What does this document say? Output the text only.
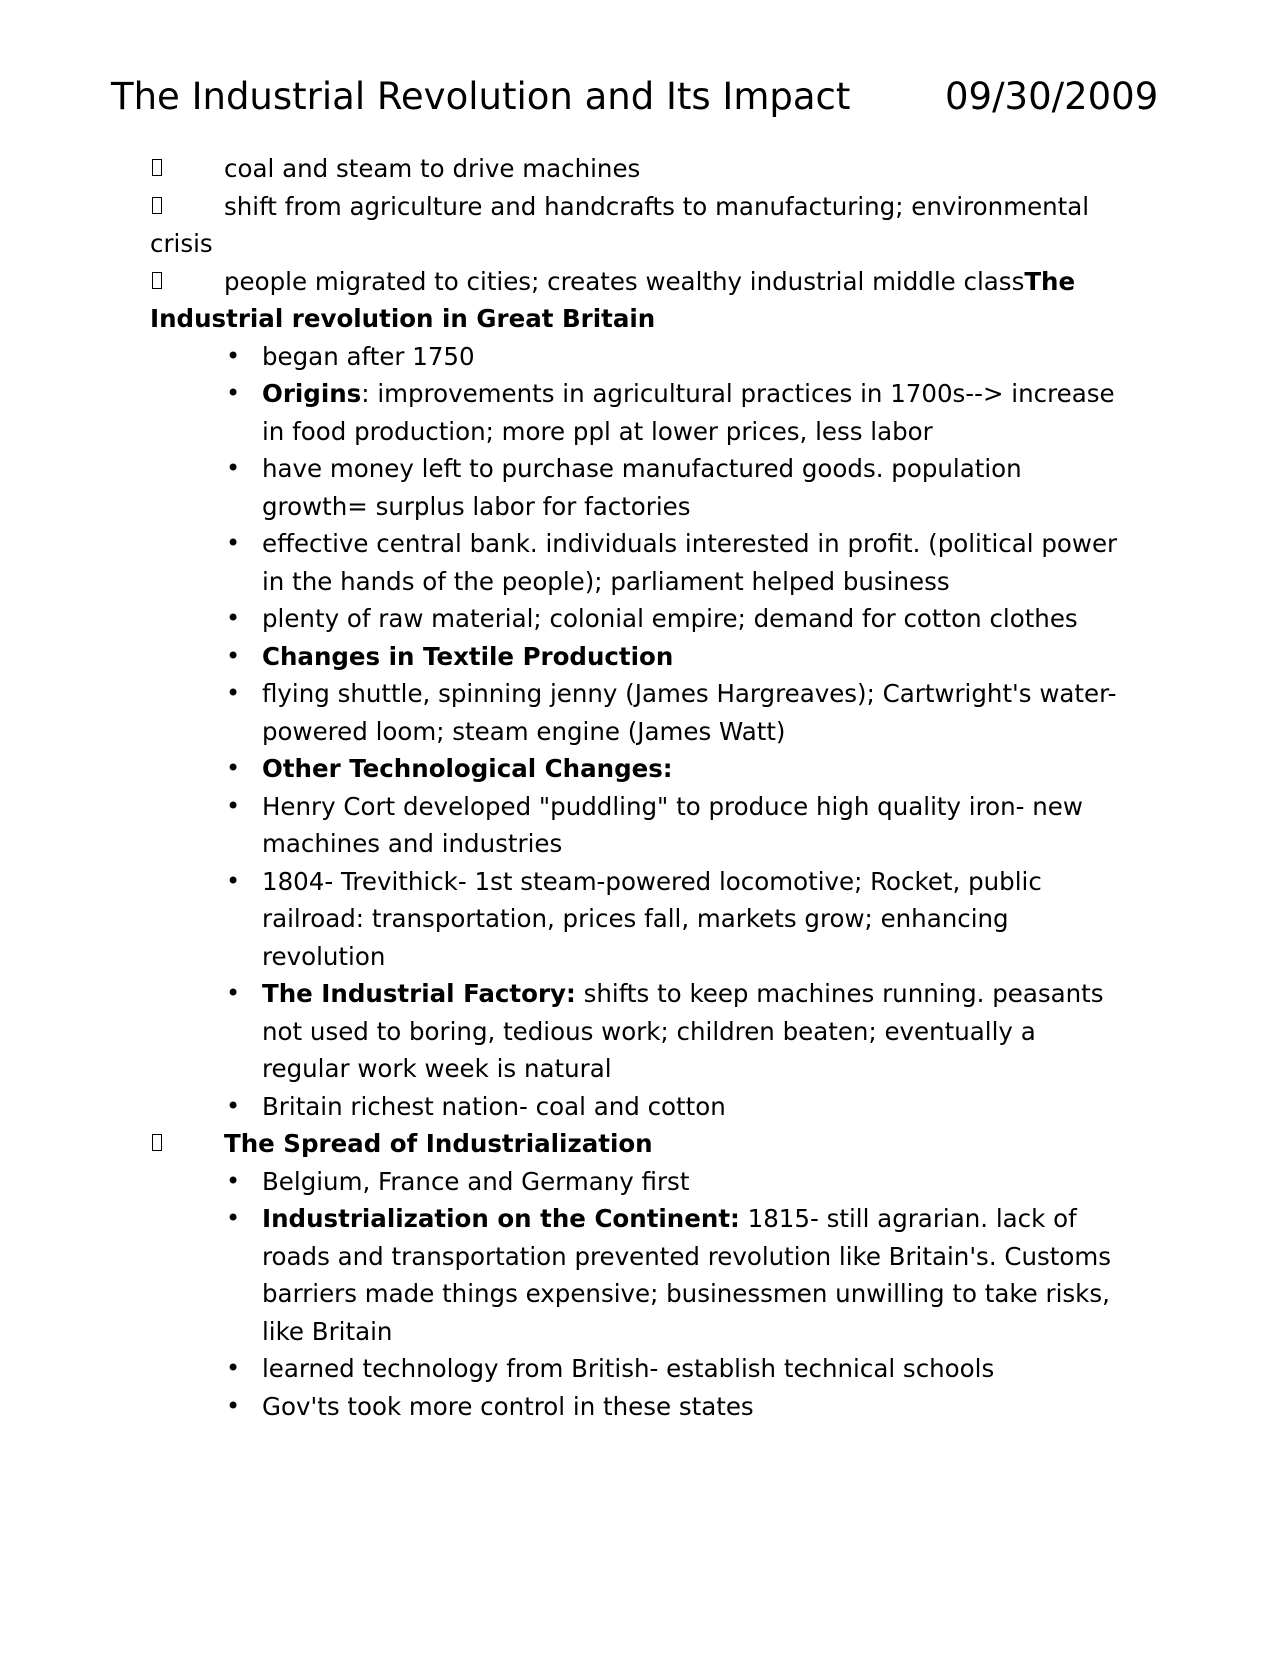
The Industrial Revolution and Its Impact	09/30/2009

coal and steam to drive machines

shift from agriculture and handcrafts to manufacturing; environmental crisis

people migrated to cities; creates wealthy industrial middle classThe Industrial revolution in Great Britain

• began after 1750
• Origins: improvements in agricultural practices in 1700s--> increase in food production; more ppl at lower prices, less labor
• have money left to purchase manufactured goods. population growth= surplus labor for factories
• effective central bank. individuals interested in profit. (political power in the hands of the people); parliament helped business
• plenty of raw material; colonial empire; demand for cotton clothes
• Changes in Textile Production
• flying shuttle, spinning jenny (James Hargreaves); Cartwright's water-powered loom; steam engine (James Watt)
• Other Technological Changes:
• Henry Cort developed "puddling" to produce high quality iron- new machines and industries
• 1804- Trevithick- 1st steam-powered locomotive; Rocket, public railroad: transportation, prices fall, markets grow; enhancing revolution
• The Industrial Factory: shifts to keep machines running. peasants not used to boring, tedious work; children beaten; eventually a regular work week is natural
• Britain richest nation- coal and cotton

The Spread of Industrialization

• Belgium, France and Germany first
• Industrialization on the Continent: 1815- still agrarian. lack of roads and transportation prevented revolution like Britain's. Customs barriers made things expensive; businessmen unwilling to take risks, like Britain
• learned technology from British- establish technical schools
• Gov'ts took more control in these states
